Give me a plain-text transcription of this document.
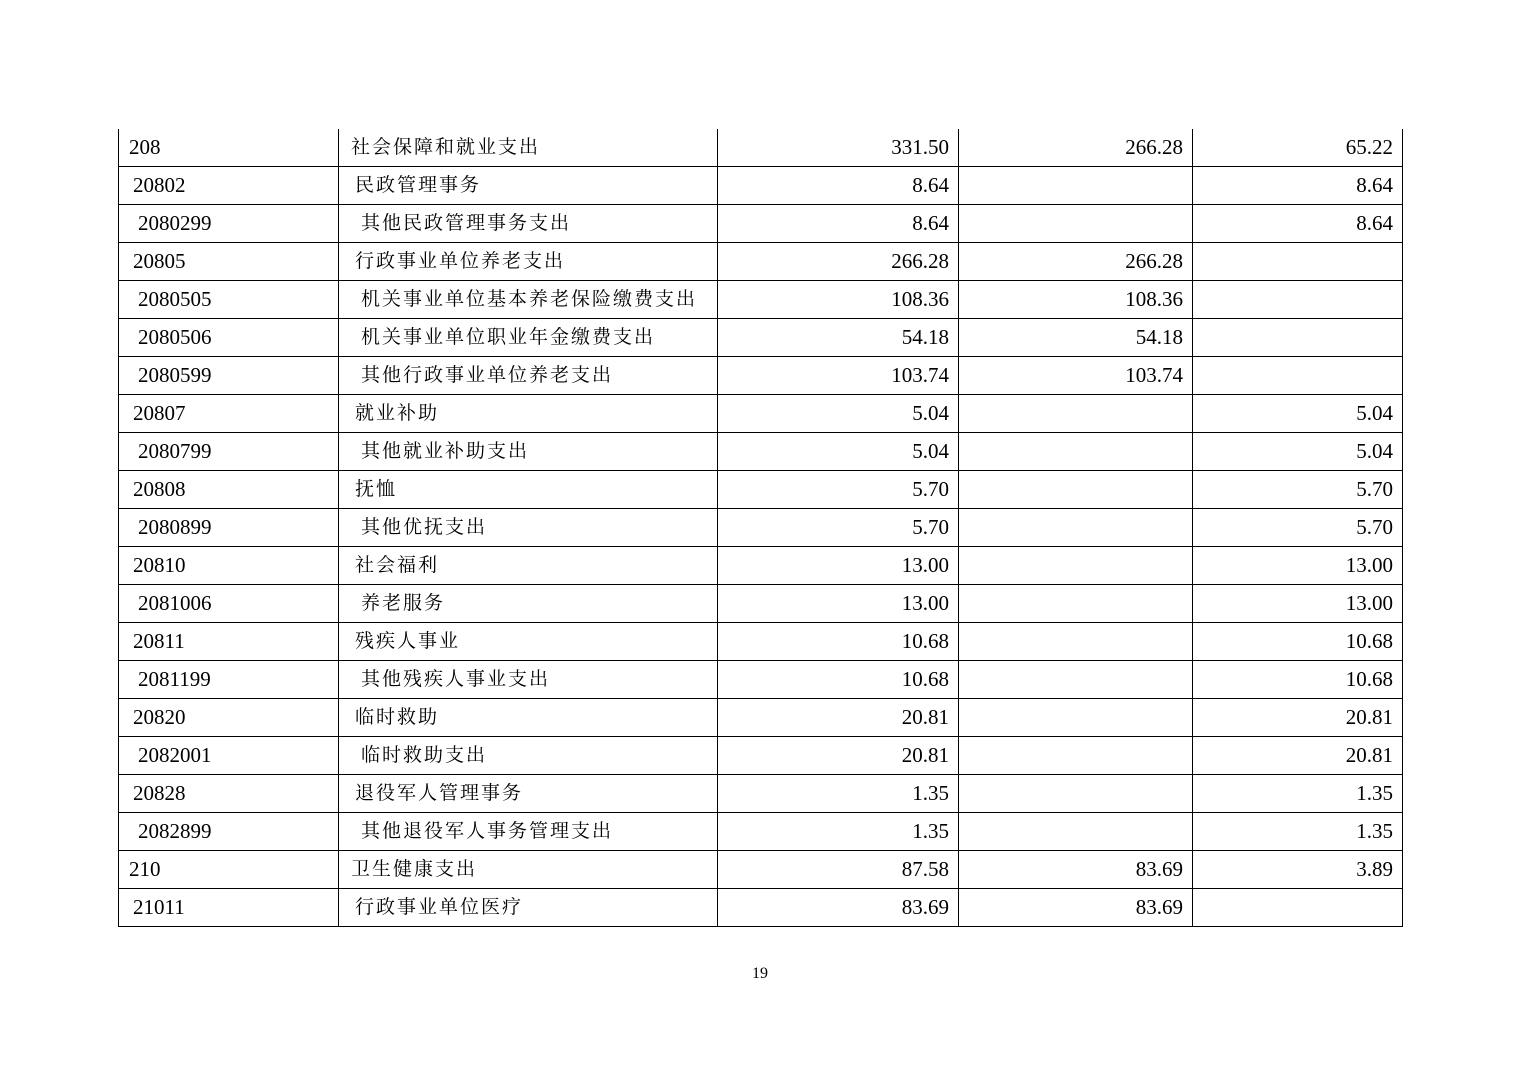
208	社会保障和就业支出	331.50	266.28	65.22
20802	民政管理事务	8.64		8.64
2080299	其他民政管理事务支出	8.64		8.64
20805	行政事业单位养老支出	266.28	266.28	
2080505	机关事业单位基本养老保险缴费支出	108.36	108.36	
2080506	机关事业单位职业年金缴费支出	54.18	54.18	
2080599	其他行政事业单位养老支出	103.74	103.74	
20807	就业补助	5.04		5.04
2080799	其他就业补助支出	5.04		5.04
20808	抚恤	5.70		5.70
2080899	其他优抚支出	5.70		5.70
20810	社会福利	13.00		13.00
2081006	养老服务	13.00		13.00
20811	残疾人事业	10.68		10.68
2081199	其他残疾人事业支出	10.68		10.68
20820	临时救助	20.81		20.81
2082001	临时救助支出	20.81		20.81
20828	退役军人管理事务	1.35		1.35
2082899	其他退役军人事务管理支出	1.35		1.35
210	卫生健康支出	87.58	83.69	3.89
21011	行政事业单位医疗	83.69	83.69	
19
